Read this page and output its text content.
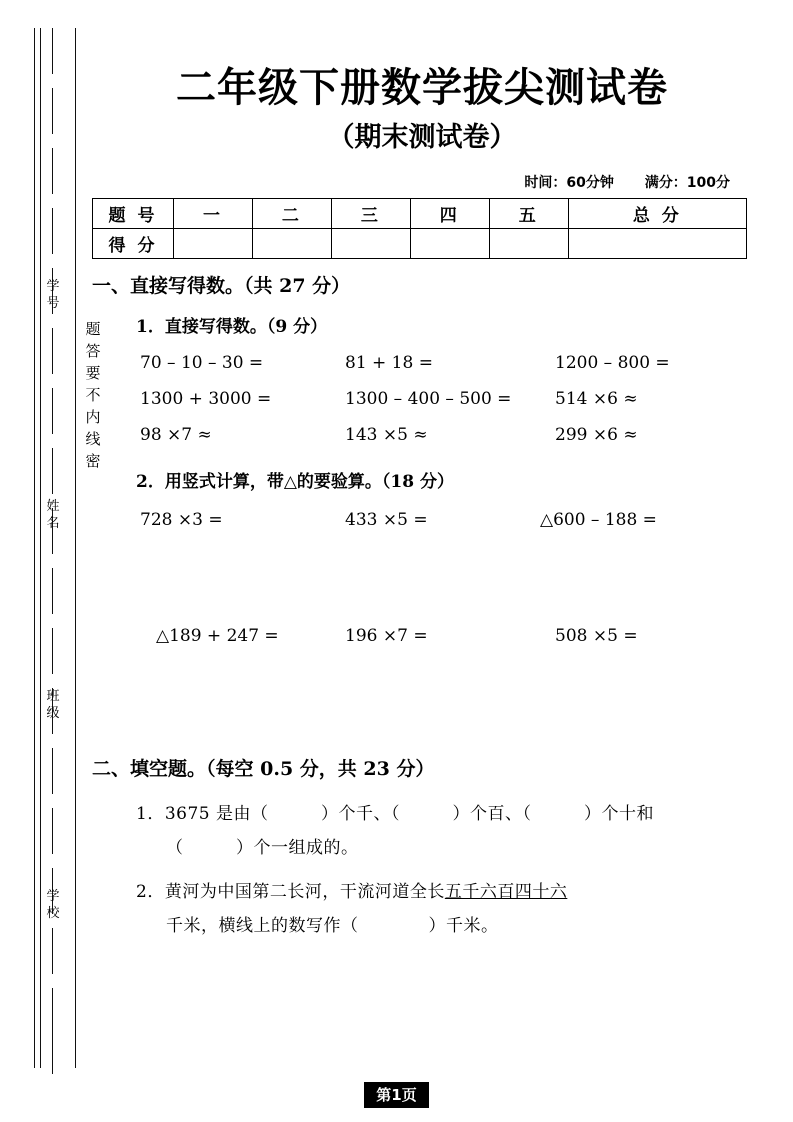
学号
姓名
班级
学校
题答要不内线密
二年级下册数学拔尖测试卷
（期末测试卷）
时间：60分钟 满分：100分
题 号	一	二	三	四	五	总 分
得 分						
一、直接写得数。（共 27 分）
1．直接写得数。（9 分）
70 – 10 – 30 =	81 + 18 =	1200 – 800 =
1300 + 3000 =	1300 – 400 – 500 =	514 ×6 ≈
98 ×7 ≈	143 ×5 ≈	299 ×6 ≈
2．用竖式计算，带△的要验算。（18 分）
728 ×3 =	433 ×5 =	△600 – 188 =
△189 + 247 =	196 ×7 =	508 ×5 =
二、填空题。（每空 0.5 分，共 23 分）
1．3675 是由（　　　）个千、（　　　）个百、（　　　）个十和
（　　　）个一组成的。
2．黄河为中国第二长河，干流河道全长五千六百四十六
千米，横线上的数写作（　　　　）千米。
第1页
